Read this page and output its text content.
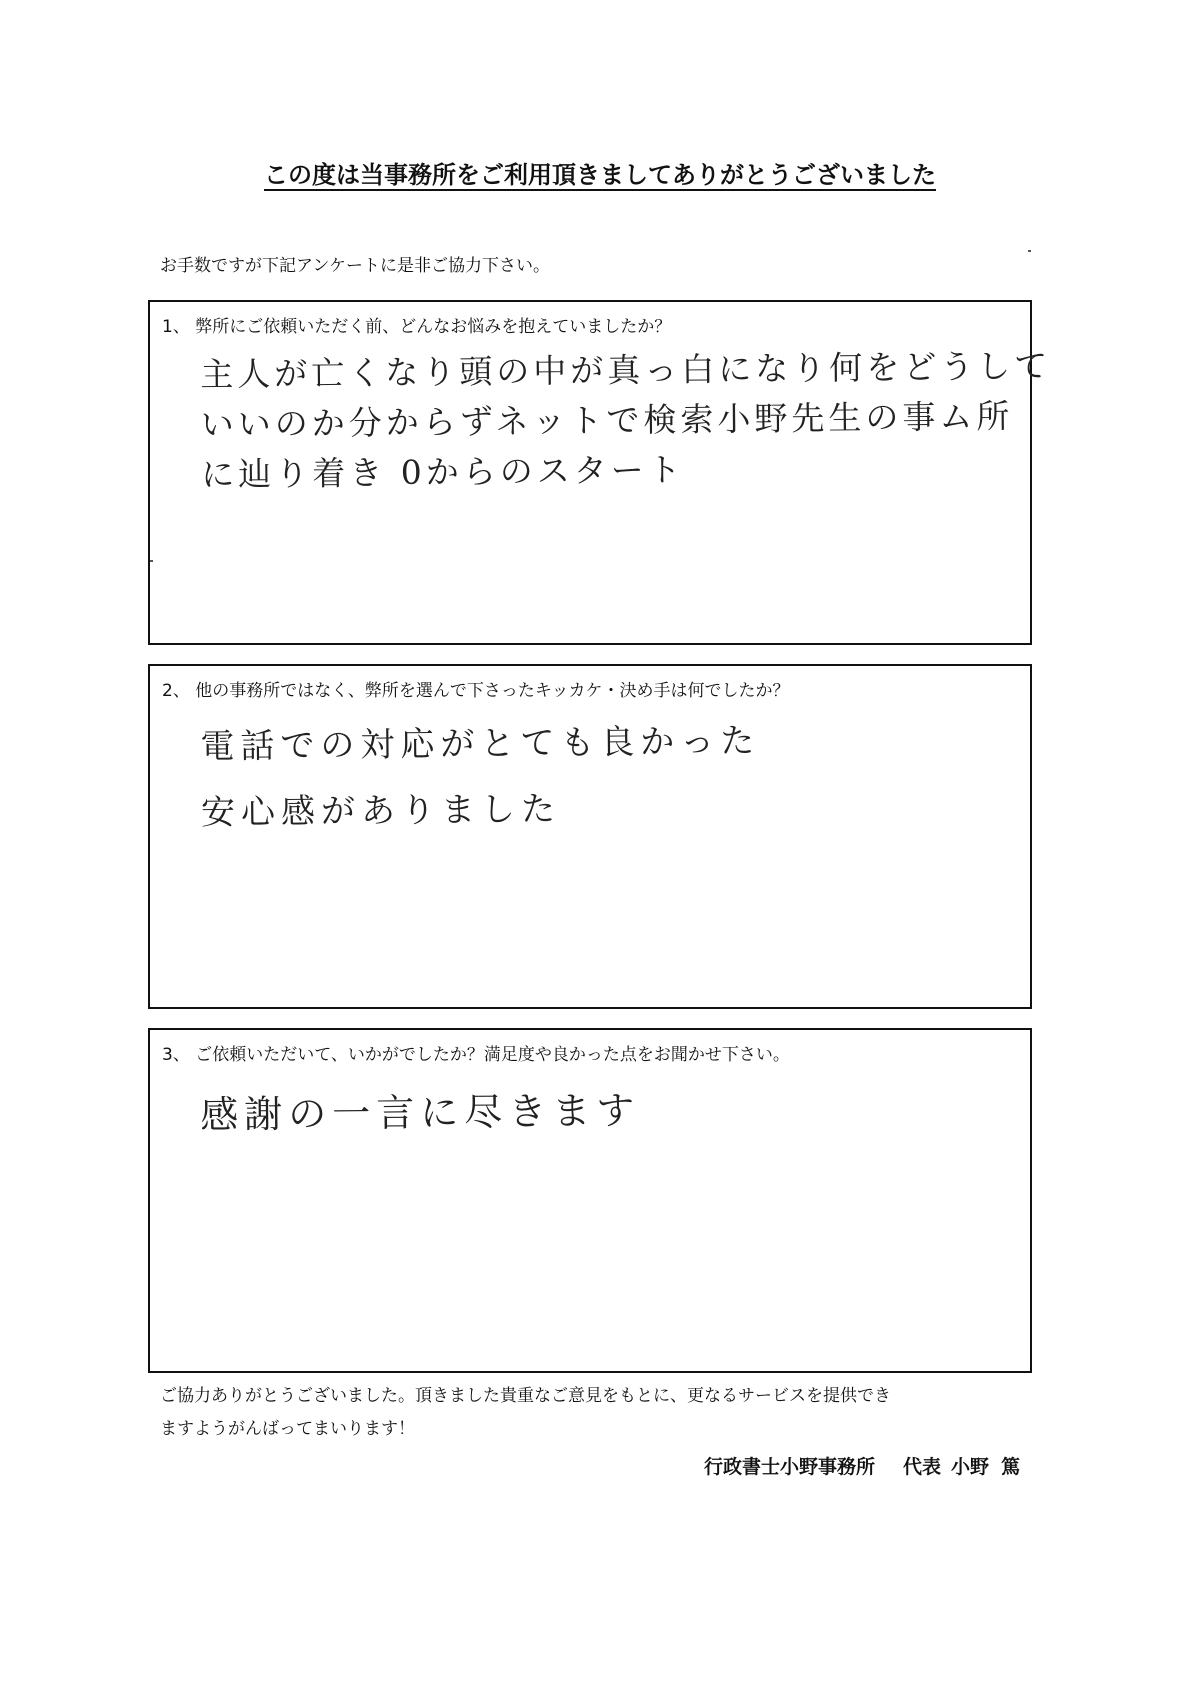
この度は当事務所をご利用頂きましてありがとうございました
お手数ですが下記アンケートに是非ご協力下さい。
1、 弊所にご依頼いただく前、どんなお悩みを抱えていましたか？
主人が亡くなり頭の中が真っ白になり何をどうして
いいのか分からずネットで検索小野先生の事ム所
に辿り着き 0からのスタート
2、 他の事務所ではなく、弊所を選んで下さったキッカケ・決め手は何でしたか？
電話での対応がとても良かった
安心感がありました
3、 ご依頼いただいて、いかがでしたか？満足度や良かった点をお聞かせ下さい。
感謝の一言に尽きます
ご協力ありがとうございました。頂きました貴重なご意見をもとに、更なるサービスを提供でき
ますようがんばってまいります！
行政書士小野事務所 代表 小野 篤
